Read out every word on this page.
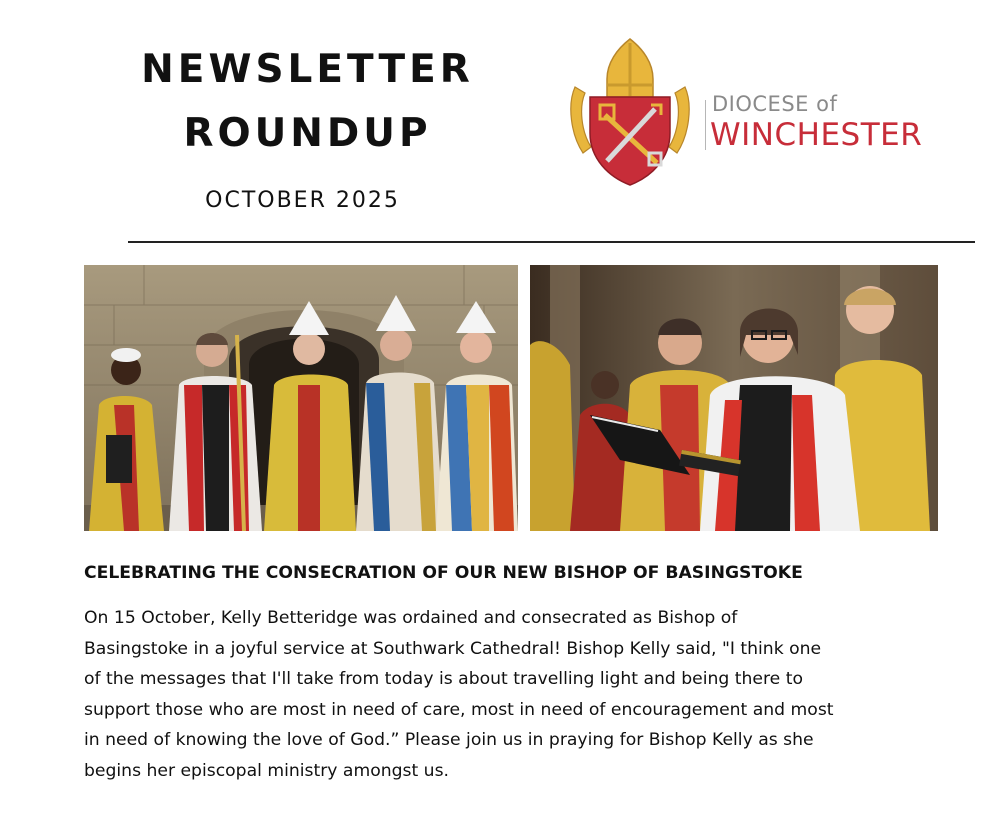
NEWSLETTER
ROUNDUP
OCTOBER 2025
DIOCESE of
WINCHESTER
CELEBRATING THE CONSECRATION OF OUR NEW BISHOP OF BASINGSTOKE
On 15 October, Kelly Betteridge was ordained and consecrated as Bishop of
Basingstoke in a joyful service at Southwark Cathedral! Bishop Kelly said, "I think one
of the messages that I'll take from today is about travelling light and being there to
support those who are most in need of care, most in need of encouragement and most
in need of knowing the love of God.” Please join us in praying for Bishop Kelly as she
begins her episcopal ministry amongst us.
